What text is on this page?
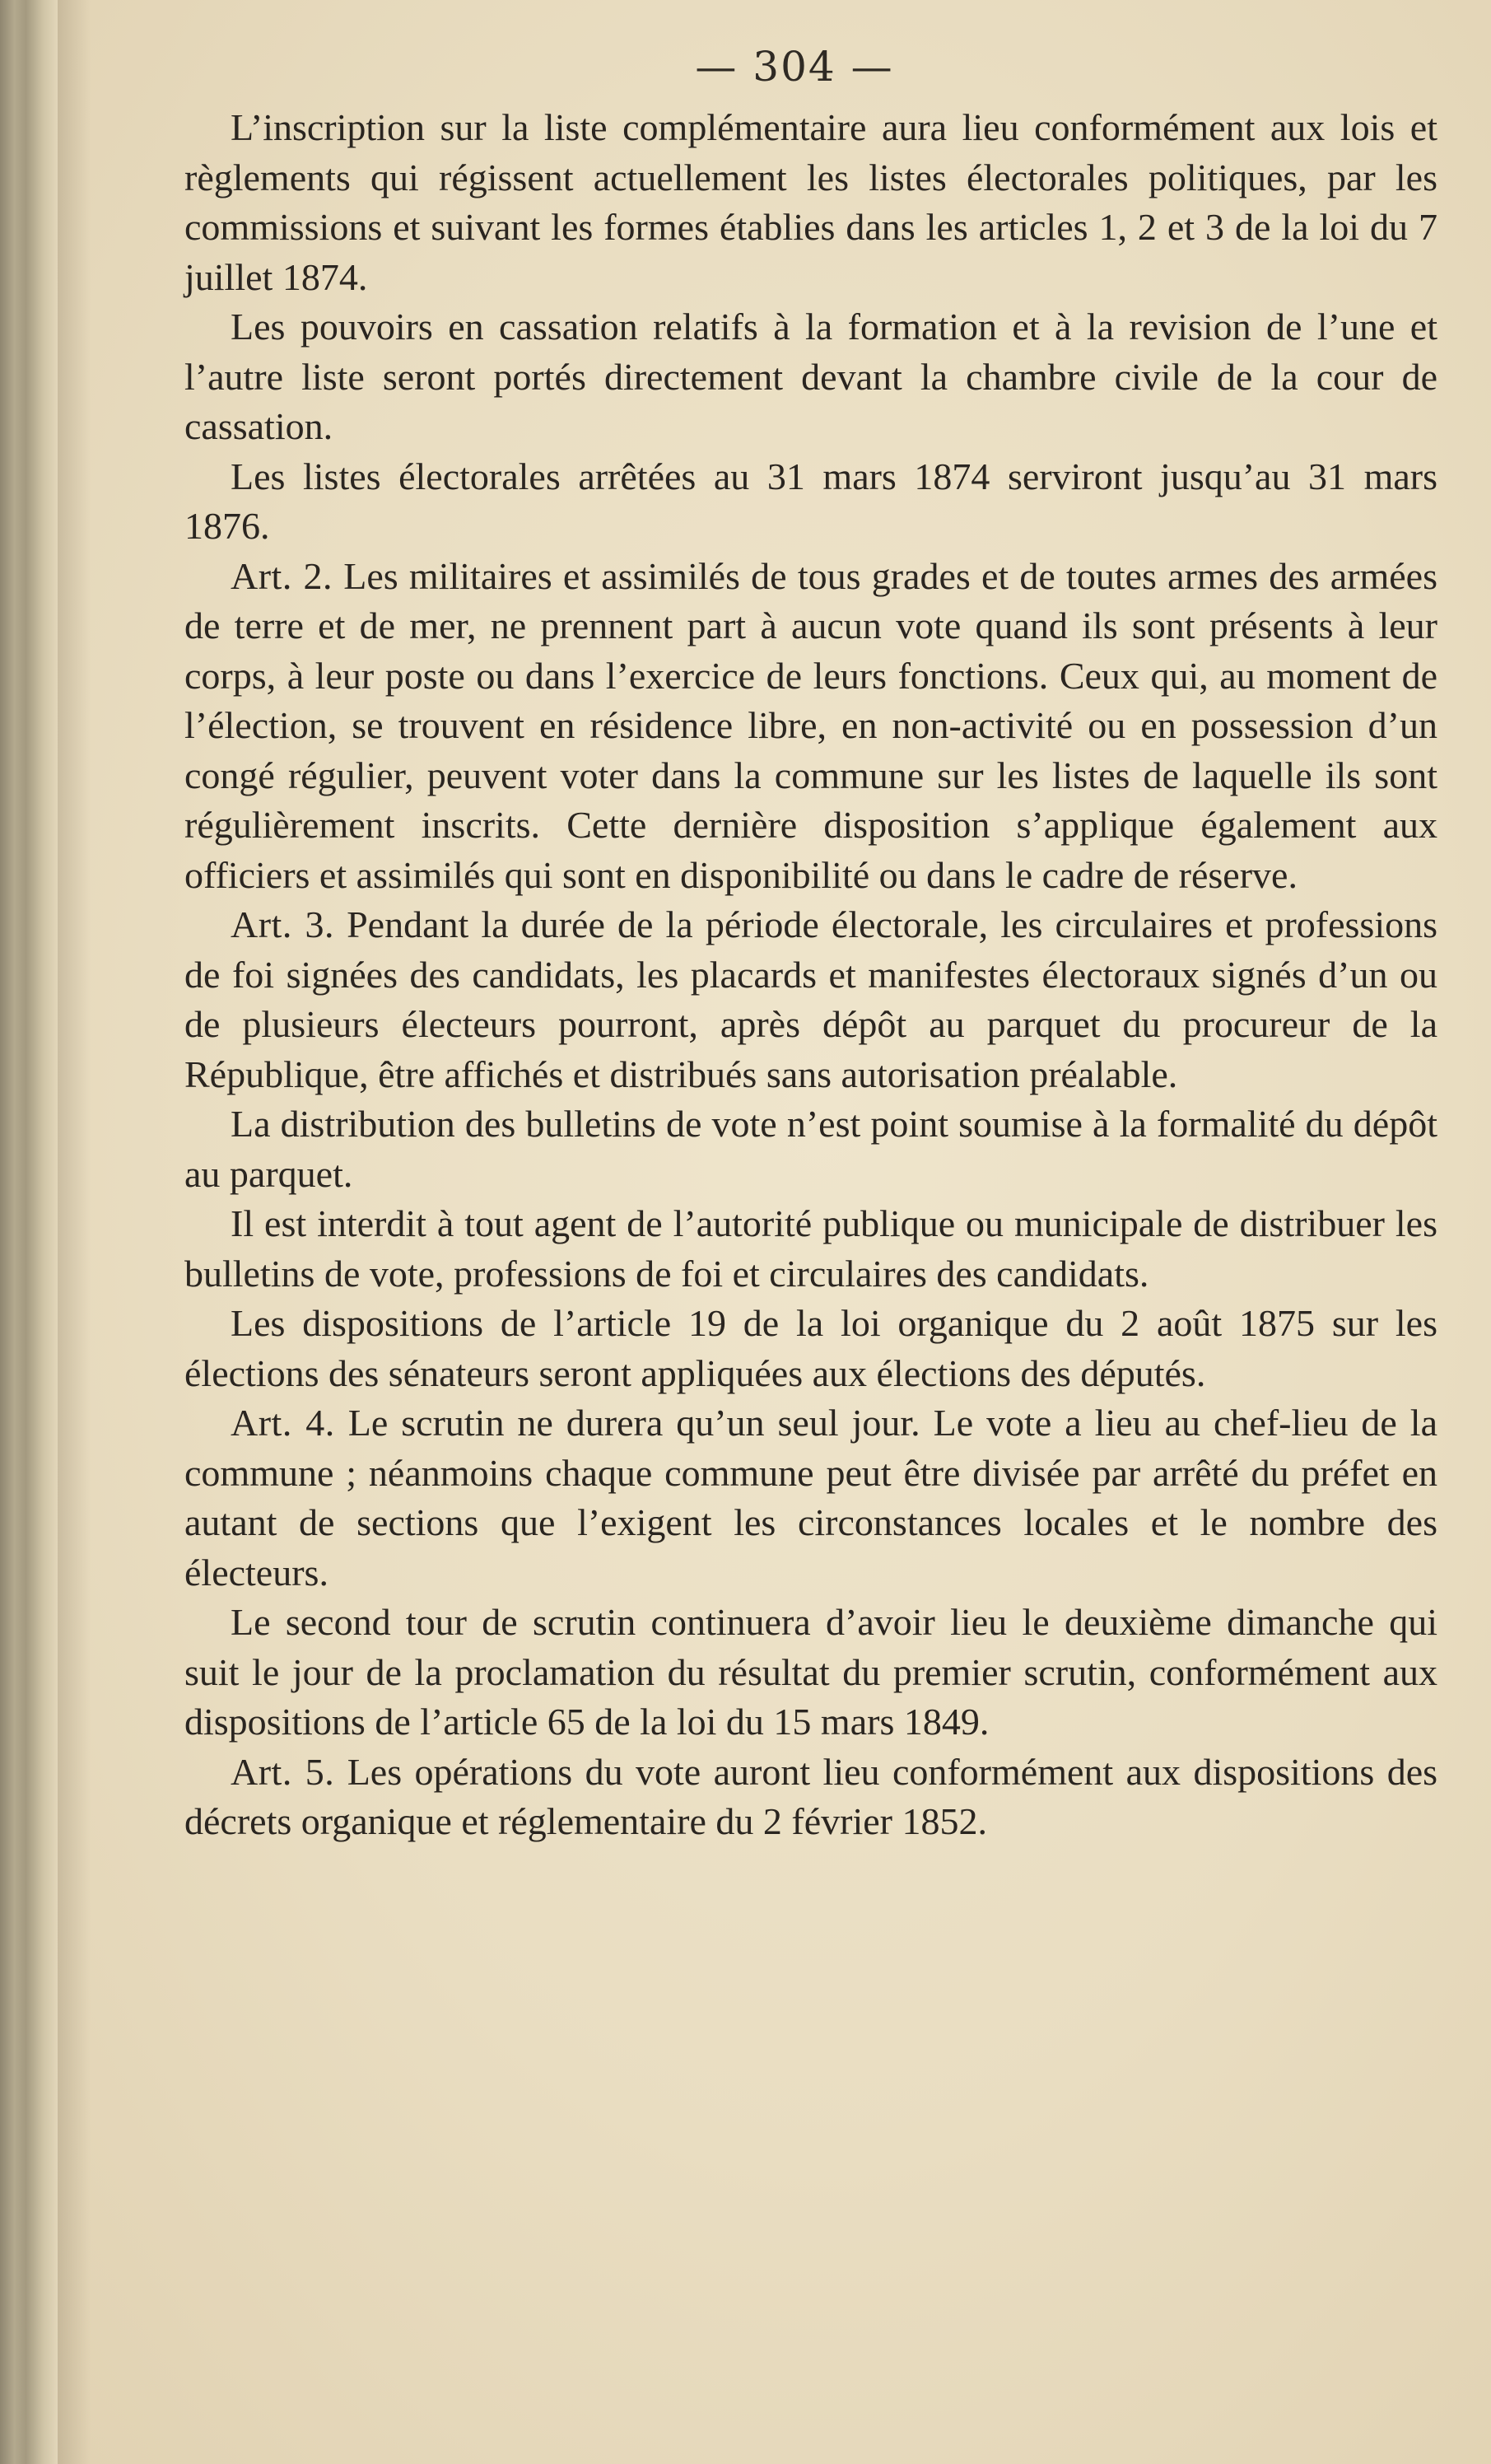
— 304 —

L’inscription sur la liste complémentaire aura lieu conformément aux lois et règlements qui régissent actuellement les listes électorales politiques, par les commissions et suivant les formes établies dans les articles 1, 2 et 3 de la loi du 7 juillet 1874.

Les pouvoirs en cassation relatifs à la formation et à la revision de l’une et l’autre liste seront portés directement devant la chambre civile de la cour de cassation.

Les listes électorales arrêtées au 31 mars 1874 serviront jusqu’au 31 mars 1876.

Art. 2. Les militaires et assimilés de tous grades et de toutes armes des armées de terre et de mer, ne prennent part à aucun vote quand ils sont présents à leur corps, à leur poste ou dans l’exercice de leurs fonctions. Ceux qui, au moment de l’élection, se trouvent en résidence libre, en non-activité ou en possession d’un congé régulier, peuvent voter dans la commune sur les listes de laquelle ils sont régulièrement inscrits. Cette dernière disposition s’applique également aux officiers et assimilés qui sont en disponibilité ou dans le cadre de réserve.

Art. 3. Pendant la durée de la période électorale, les circulaires et professions de foi signées des candidats, les placards et manifestes électoraux signés d’un ou de plusieurs électeurs pourront, après dépôt au parquet du procureur de la République, être affichés et distribués sans autorisation préalable.

La distribution des bulletins de vote n’est point soumise à la formalité du dépôt au parquet.

Il est interdit à tout agent de l’autorité publique ou municipale de distribuer les bulletins de vote, professions de foi et circulaires des candidats.

Les dispositions de l’article 19 de la loi organique du 2 août 1875 sur les élections des sénateurs seront appliquées aux élections des députés.

Art. 4. Le scrutin ne durera qu’un seul jour. Le vote a lieu au chef-lieu de la commune ; néanmoins chaque commune peut être divisée par arrêté du préfet en autant de sections que l’exigent les circonstances locales et le nombre des électeurs.

Le second tour de scrutin continuera d’avoir lieu le deuxième dimanche qui suit le jour de la proclamation du résultat du premier scrutin, conformément aux dispositions de l’article 65 de la loi du 15 mars 1849.

Art. 5. Les opérations du vote auront lieu conformément aux dispositions des décrets organique et réglementaire du 2 février 1852.
